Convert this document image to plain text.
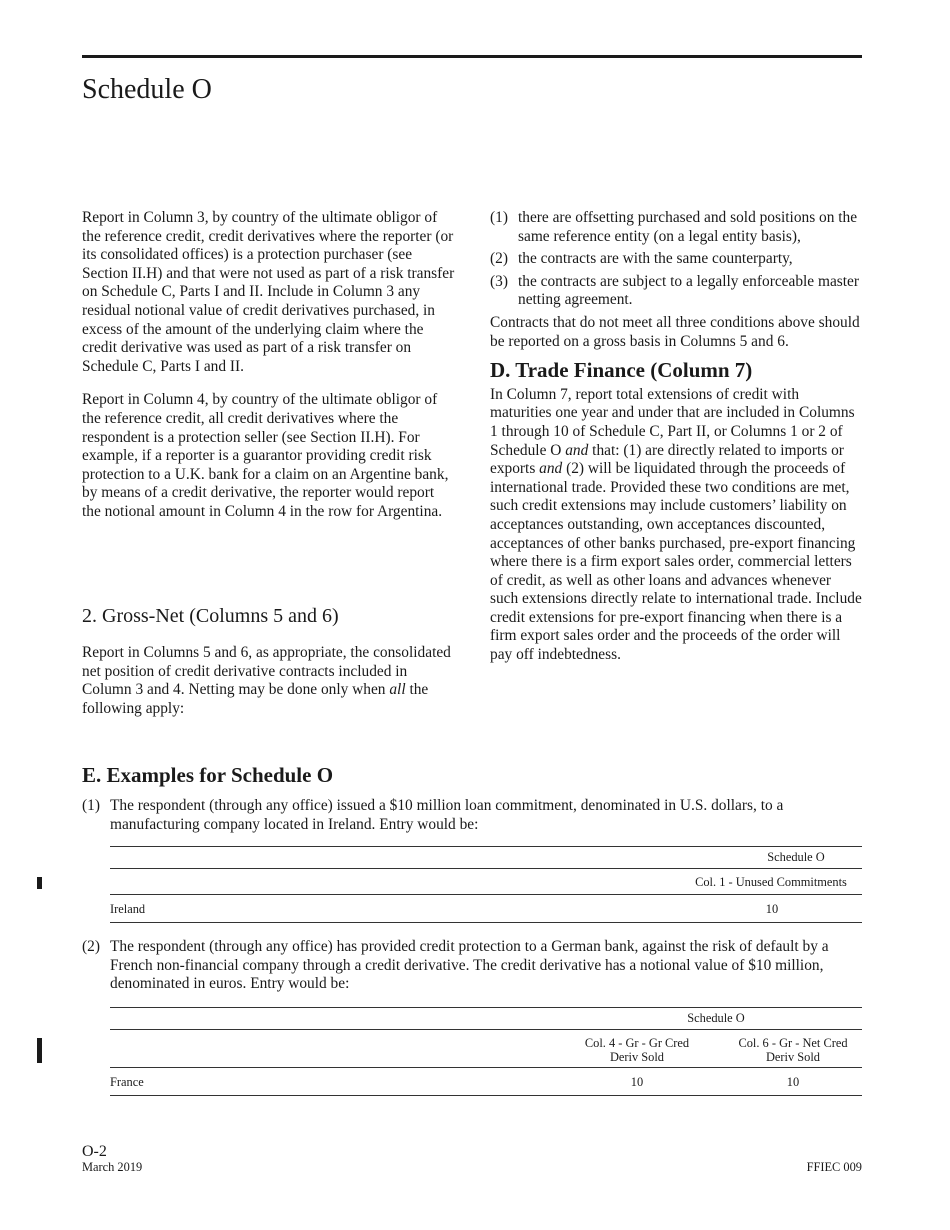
Schedule O

Report in Column 3, by country of the ultimate obligor of the reference credit, credit derivatives where the reporter (or its consolidated offices) is a protection purchaser (see Section II.H) and that were not used as part of a risk transfer on Schedule C, Parts I and II. Include in Column 3 any residual notional value of credit derivatives purchased, in excess of the amount of the underlying claim where the credit derivative was used as part of a risk transfer on Schedule C, Parts I and II.

Report in Column 4, by country of the ultimate obligor of the reference credit, all credit derivatives where the respondent is a protection seller (see Section II.H). For example, if a reporter is a guarantor providing credit risk protection to a U.K. bank for a claim on an Argentine bank, by means of a credit derivative, the reporter would report the notional amount in Column 4 in the row for Argentina.

2. Gross-Net (Columns 5 and 6)

Report in Columns 5 and 6, as appropriate, the consolidated net position of credit derivative contracts included in Column 3 and 4. Netting may be done only when all the following apply:

(1) there are offsetting purchased and sold positions on the same reference entity (on a legal entity basis),
(2) the contracts are with the same counterparty,
(3) the contracts are subject to a legally enforceable master netting agreement.

Contracts that do not meet all three conditions above should be reported on a gross basis in Columns 5 and 6.

D. Trade Finance (Column 7)

In Column 7, report total extensions of credit with maturities one year and under that are included in Columns 1 through 10 of Schedule C, Part II, or Columns 1 or 2 of Schedule O and that: (1) are directly related to imports or exports and (2) will be liquidated through the proceeds of international trade. Provided these two conditions are met, such credit extensions may include customers’ liability on acceptances outstanding, own acceptances discounted, acceptances of other banks purchased, pre-export financing where there is a firm export sales order, commercial letters of credit, as well as other loans and advances whenever such extensions directly relate to international trade. Include credit extensions for pre-export financing when there is a firm export sales order and the proceeds of the order will pay off indebtedness.

E. Examples for Schedule O
(1) The respondent (through any office) issued a $10 million loan commitment, denominated in U.S. dollars, to a manufacturing company located in Ireland. Entry would be:
Schedule O
Col. 1 - Unused Commitments
Ireland	10
(2) The respondent (through any office) has provided credit protection to a German bank, against the risk of default by a French non-financial company through a credit derivative. The credit derivative has a notional value of $10 million, denominated in euros. Entry would be:
Schedule O
Col. 4 - Gr - Gr Cred
Deriv Sold
Col. 6 - Gr - Net Cred
Deriv Sold
France	10	10
O-2
March 2019	FFIEC 009
